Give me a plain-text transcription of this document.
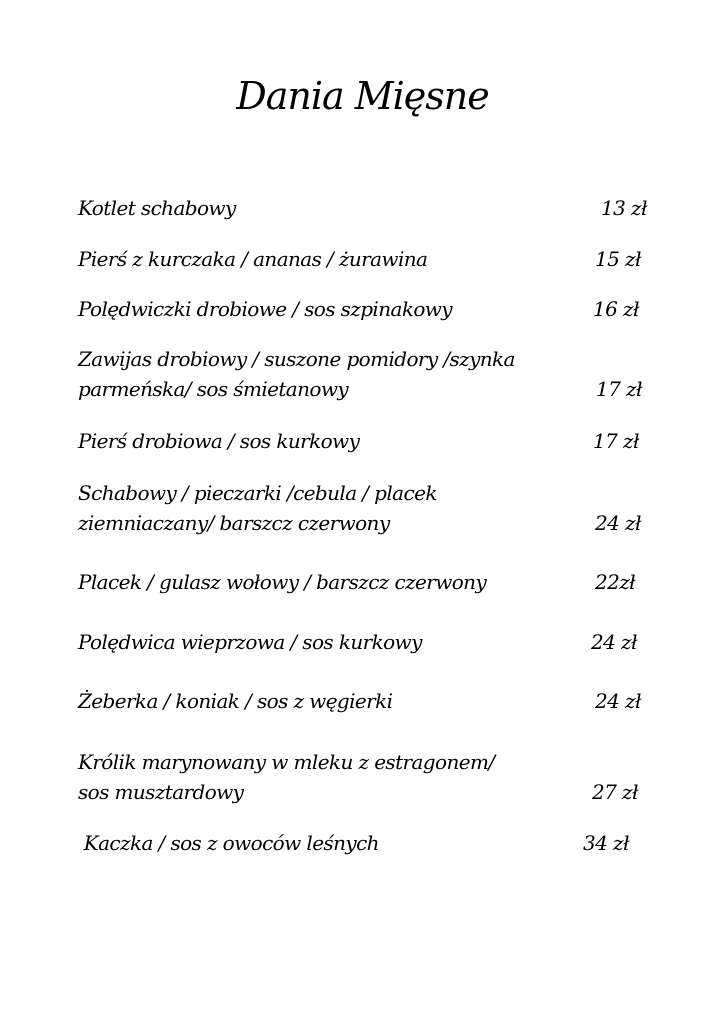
Dania Mięsne
Kotlet schabowy	13 zł
Pierś z kurczaka / ananas / żurawina	15 zł
Polędwiczki drobiowe / sos szpinakowy	16 zł
Zawijas drobiowy / suszone pomidory /szynka
parmeńska/ sos śmietanowy	17 zł
Pierś drobiowa / sos kurkowy	17 zł
Schabowy / pieczarki /cebula / placek
ziemniaczany/ barszcz czerwony	24 zł
Placek / gulasz wołowy / barszcz czerwony	22zł
Polędwica wieprzowa / sos kurkowy	24 zł
Żeberka / koniak / sos z węgierki	24 zł
Królik marynowany w mleku z estragonem/
sos musztardowy	27 zł
Kaczka / sos z owoców leśnych	34 zł
